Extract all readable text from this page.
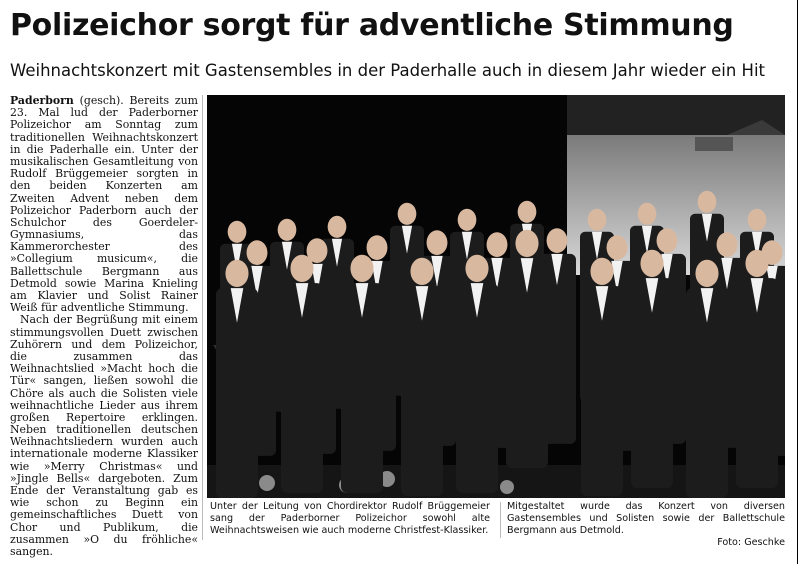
Polizeichor sorgt für adventliche Stimmung
Weihnachtskonzert mit Gastensembles in der Paderhalle auch in diesem Jahr wieder ein Hit

Paderborn (gesch). Bereits zum 23. Mal lud der Paderborner Polizeichor am Sonntag zum traditionellen Weihnachtskonzert in die Paderhalle ein. Unter der musikalischen Gesamtleitung von Rudolf Brüggemeier sorgten in den beiden Konzerten am Zweiten Advent neben dem Polizeichor Paderborn auch der Schulchor des Goerdeler-Gymnasiums, das Kammerorchester des »Collegium musicum«, die Ballettschule Bergmann aus Detmold sowie Marina Knieling am Klavier und Solist Rainer Weiß für adventliche Stimmung.

Nach der Begrüßung mit einem stimmungsvollen Duett zwischen Zuhörern und dem Polizeichor, die zusammen das Weihnachtslied »Macht hoch die Tür« sangen, ließen sowohl die Chöre als auch die Solisten viele weihnachtliche Lieder aus ihrem großen Repertoire erklingen. Neben traditionellen deutschen Weihnachtsliedern wurden auch internationale moderne Klassiker wie »Merry Christmas« und »Jingle Bells« dargeboten. Zum Ende der Veranstaltung gab es wie schon zu Beginn ein gemeinschaftliches Duett von Chor und Publikum, die zusammen »O du fröhliche« sangen.

Unter der Leitung von Chordirektor Rudolf Brüggemeier sang der Paderborner Polizeichor sowohl alte Weihnachtsweisen wie auch moderne Christfest-Klassiker.
Mitgestaltet wurde das Konzert von diversen Gastensembles und Solisten sowie der Ballettschule Bergmann aus Detmold.
Foto: Geschke
